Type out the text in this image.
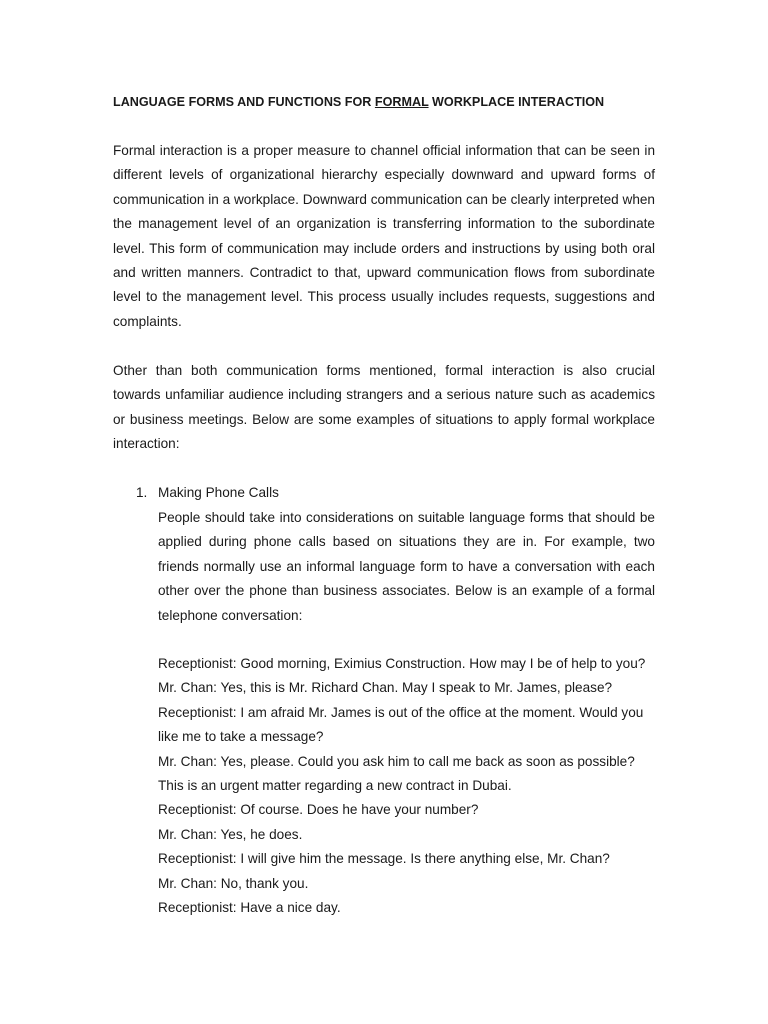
LANGUAGE FORMS AND FUNCTIONS FOR FORMAL WORKPLACE INTERACTION

Formal interaction is a proper measure to channel official information that can be seen in different levels of organizational hierarchy especially downward and upward forms of communication in a workplace. Downward communication can be clearly interpreted when the management level of an organization is transferring information to the subordinate level. This form of communication may include orders and instructions by using both oral and written manners. Contradict to that, upward communication flows from subordinate level to the management level. This process usually includes requests, suggestions and complaints.

Other than both communication forms mentioned, formal interaction is also crucial towards unfamiliar audience including strangers and a serious nature such as academics or business meetings. Below are some examples of situations to apply formal workplace interaction:

1. Making Phone Calls

People should take into considerations on suitable language forms that should be applied during phone calls based on situations they are in. For example, two friends normally use an informal language form to have a conversation with each other over the phone than business associates. Below is an example of a formal telephone conversation:

Receptionist: Good morning, Eximius Construction. How may I be of help to you?
Mr. Chan: Yes, this is Mr. Richard Chan. May I speak to Mr. James, please?
Receptionist: I am afraid Mr. James is out of the office at the moment. Would you like me to take a message?
Mr. Chan: Yes, please. Could you ask him to call me back as soon as possible? This is an urgent matter regarding a new contract in Dubai.
Receptionist: Of course. Does he have your number?
Mr. Chan: Yes, he does.
Receptionist: I will give him the message. Is there anything else, Mr. Chan?
Mr. Chan: No, thank you.
Receptionist: Have a nice day.
